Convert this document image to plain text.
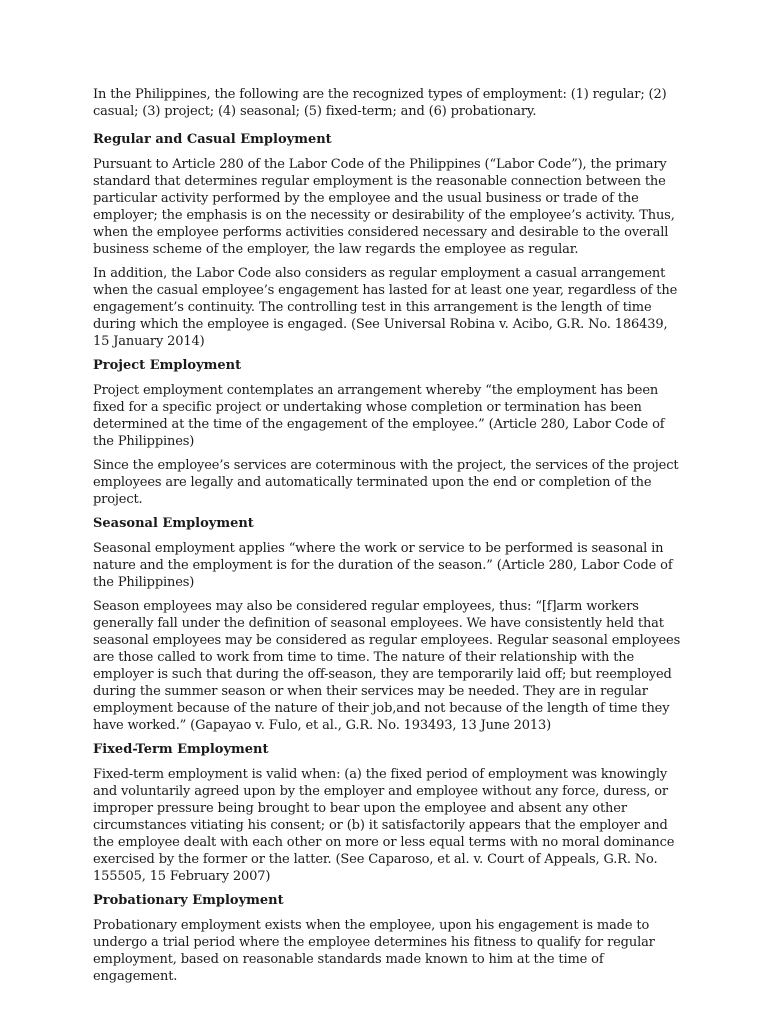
In the Philippines, the following are the recognized types of employment: (1) regular; (2) casual; (3) project; (4) seasonal; (5) fixed-term; and (6) probationary.

Regular and Casual Employment

Pursuant to Article 280 of the Labor Code of the Philippines (“Labor Code”), the primary standard that determines regular employment is the reasonable connection between the particular activity performed by the employee and the usual business or trade of the employer; the emphasis is on the necessity or desirability of the employee’s activity. Thus, when the employee performs activities considered necessary and desirable to the overall business scheme of the employer, the law regards the employee as regular.

In addition, the Labor Code also considers as regular employment a casual arrangement when the casual employee’s engagement has lasted for at least one year, regardless of the engagement’s continuity. The controlling test in this arrangement is the length of time during which the employee is engaged. (See Universal Robina v. Acibo, G.R. No. 186439, 15 January 2014)

Project Employment

Project employment contemplates an arrangement whereby “the employment has been fixed for a specific project or undertaking whose completion or termination has been determined at the time of the engagement of the employee.” (Article 280, Labor Code of the Philippines)

Since the employee’s services are coterminous with the project, the services of the project employees are legally and automatically terminated upon the end or completion of the project.

Seasonal Employment

Seasonal employment applies “where the work or service to be performed is seasonal in nature and the employment is for the duration of the season.” (Article 280, Labor Code of the Philippines)

Season employees may also be considered regular employees, thus: “[f]arm workers generally fall under the definition of seasonal employees. We have consistently held that seasonal employees may be considered as regular employees. Regular seasonal employees are those called to work from time to time. The nature of their relationship with the employer is such that during the off-season, they are temporarily laid off; but reemployed during the summer season or when their services may be needed. They are in regular employment because of the nature of their job,and not because of the length of time they have worked.” (Gapayao v. Fulo, et al., G.R. No. 193493, 13 June 2013)

Fixed-Term Employment

Fixed-term employment is valid when: (a) the fixed period of employment was knowingly and voluntarily agreed upon by the employer and employee without any force, duress, or improper pressure being brought to bear upon the employee and absent any other circumstances vitiating his consent; or (b) it satisfactorily appears that the employer and the employee dealt with each other on more or less equal terms with no moral dominance exercised by the former or the latter. (See Caparoso, et al. v. Court of Appeals, G.R. No. 155505, 15 February 2007)

Probationary Employment

Probationary employment exists when the employee, upon his engagement is made to undergo a trial period where the employee determines his fitness to qualify for regular employment, based on reasonable standards made known to him at the time of engagement.
